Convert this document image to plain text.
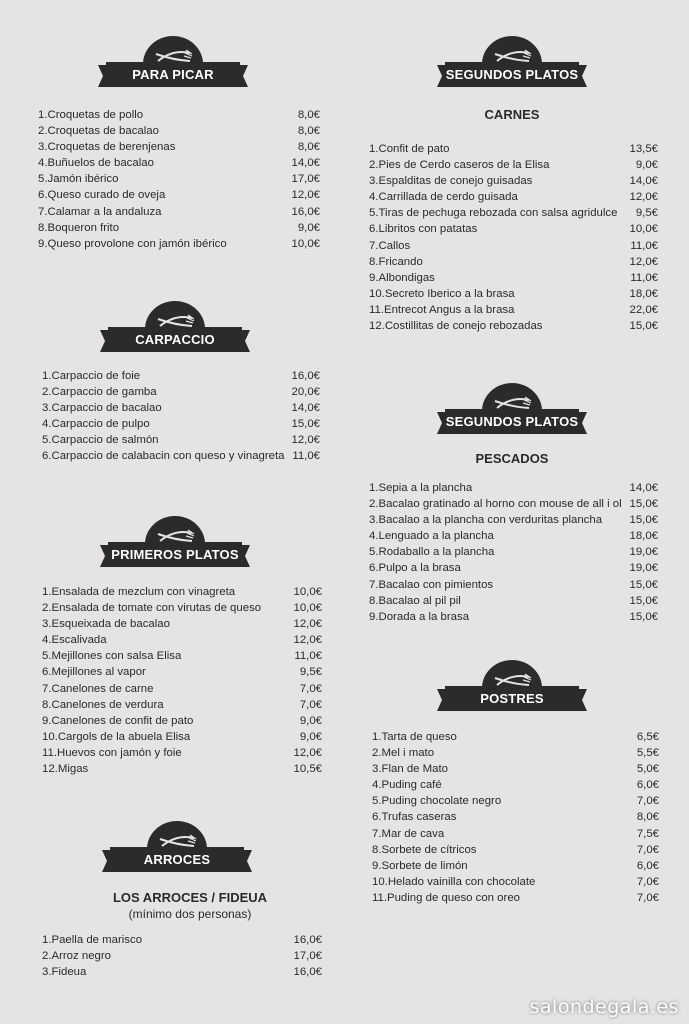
PARA PICAR
1.Croquetas de pollo	8,0€
2.Croquetas de bacalao	8,0€
3.Croquetas de berenjenas	8,0€
4.Buñuelos de bacalao	14,0€
5.Jamón ibérico	17,0€
6.Queso curado de oveja	12,0€
7.Calamar a la andaluza	16,0€
8.Boqueron frito	9,0€
9.Queso provolone con jamón ibérico	10,0€
CARPACCIO
1.Carpaccio de foie	16,0€
2.Carpaccio de gamba	20,0€
3.Carpaccio de bacalao	14,0€
4.Carpaccio de pulpo	15,0€
5.Carpaccio de salmón	12,0€
6.Carpaccio de calabacin con queso y vinagreta 11,0€
PRIMEROS PLATOS
1.Ensalada de mezclum con vinagreta	10,0€
2.Ensalada de tomate con virutas de queso	10,0€
3.Esqueixada de bacalao	12,0€
4.Escalivada	12,0€
5.Mejillones con salsa Elisa	11,0€
6.Mejillones al vapor	9,5€
7.Canelones de carne	7,0€
8.Canelones de verdura	7,0€
9.Canelones de confit de pato	9,0€
10.Cargols de la abuela Elisa	9,0€
11.Huevos con jamón y foie	12,0€
12.Migas	10,5€
ARROCES
LOS ARROCES / FIDEUA
(mínimo dos personas)
1.Paella de marisco	16,0€
2.Arroz negro	17,0€
3.Fideua	16,0€
SEGUNDOS PLATOS
CARNES
1.Confit de pato	13,5€
2.Pies de Cerdo caseros de la Elisa	9,0€
3.Espalditas de conejo guisadas	14,0€
4.Carrillada de cerdo guisada	12,0€
5.Tiras de pechuga rebozada con salsa agridulce 9,5€
6.Libritos con patatas	10,0€
7.Callos	11,0€
8.Fricando	12,0€
9.Albondigas	11,0€
10.Secreto Iberico a la brasa	18,0€
11.Entrecot Angus a la brasa	22,0€
12.Costillitas de conejo rebozadas	15,0€
SEGUNDOS PLATOS
PESCADOS
1.Sepia a la plancha	14,0€
2.Bacalao gratinado al horno con mouse de all i ol 15,0€
3.Bacalao a la plancha con verduritas plancha 15,0€
4.Lenguado a la plancha	18,0€
5.Rodaballo a la plancha	19,0€
6.Pulpo a la brasa	19,0€
7.Bacalao con pimientos	15,0€
8.Bacalao al pil pil	15,0€
9.Dorada a la brasa	15,0€
POSTRES
1.Tarta de queso	6,5€
2.Mel i mato	5,5€
3.Flan de Mato	5,0€
4.Puding café	6,0€
5.Puding chocolate negro	7,0€
6.Trufas caseras	8,0€
7.Mar de cava	7,5€
8.Sorbete de cítricos	7,0€
9.Sorbete de limón	6,0€
10.Helado vainilla con chocolate	7,0€
11.Puding de queso con oreo	7,0€
salondegala.es
